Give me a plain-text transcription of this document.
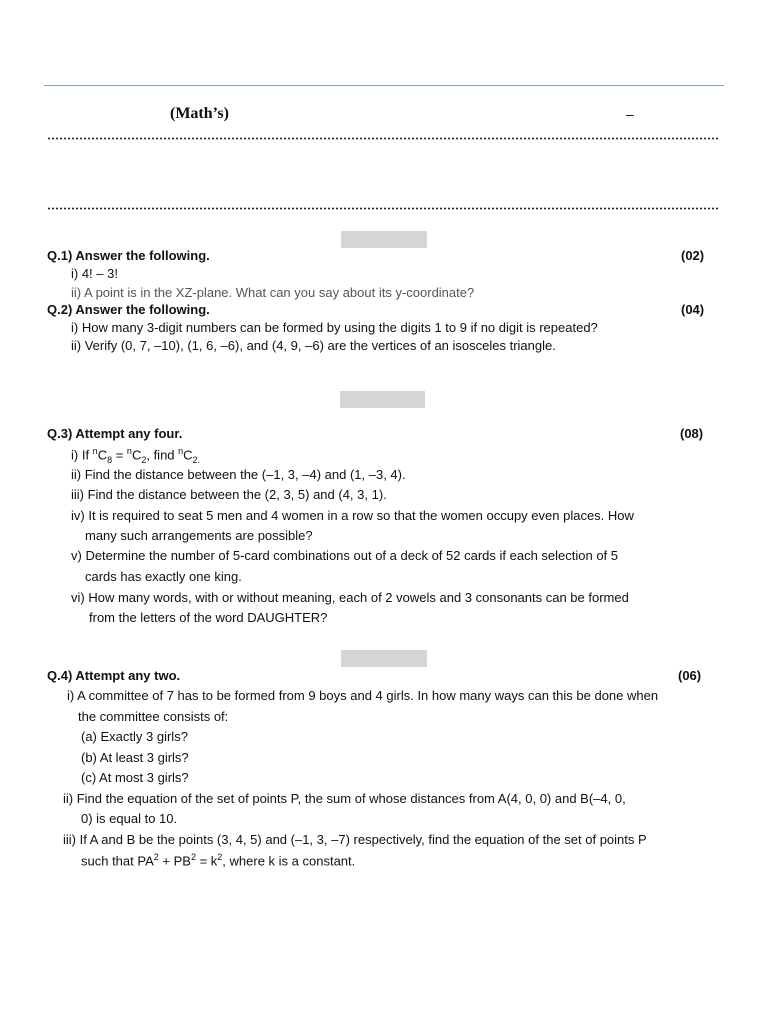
(Math’s)	–
Q.1) Answer the following.	(02)
i) 4! – 3!
ii) A point is in the XZ-plane. What can you say about its y-coordinate?
Q.2) Answer the following.	(04)
i) How many 3-digit numbers can be formed by using the digits 1 to 9 if no digit is repeated?
ii) Verify (0, 7, –10), (1, 6, –6), and (4, 9, –6) are the vertices of an isosceles triangle.
Q.3) Attempt any four.	(08)
i) If $^nC_8 = ^nC_2$, find $^nC_{2.}$
ii) Find the distance between the (–1, 3, –4) and (1, –3, 4).
iii) Find the distance between the (2, 3, 5) and (4, 3, 1).
iv) It is required to seat 5 men and 4 women in a row so that the women occupy even places. How
many such arrangements are possible?
v) Determine the number of 5-card combinations out of a deck of 52 cards if each selection of 5
cards has exactly one king.
vi) How many words, with or without meaning, each of 2 vowels and 3 consonants can be formed
from the letters of the word DAUGHTER?
Q.4) Attempt any two.	(06)
i) A committee of 7 has to be formed from 9 boys and 4 girls. In how many ways can this be done when
the committee consists of:
(a) Exactly 3 girls?
(b) At least 3 girls?
(c) At most 3 girls?
ii) Find the equation of the set of points P, the sum of whose distances from A(4, 0, 0) and B(–4, 0,
0) is equal to 10.
iii) If A and B be the points (3, 4, 5) and (–1, 3, –7) respectively, find the equation of the set of points P
such that $PA^2 + PB^2 = k^2$, where k is a constant.
